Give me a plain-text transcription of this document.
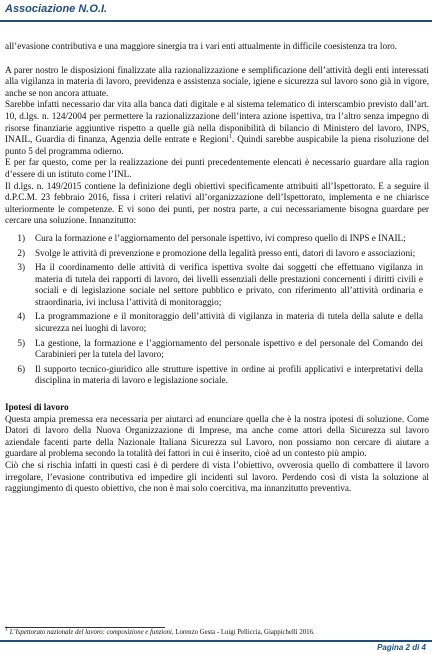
Associazione N.O.I.

all’evasione contributiva e una maggiore sinergia tra i vari enti attualmente in difficile coesistenza tra loro.

A parer nostro le disposizioni finalizzate alla razionalizzazione e semplificazione dell’attività degli enti interessati alla vigilanza in materia di lavoro, previdenza e assistenza sociale, igiene e sicurezza sul lavoro sono già in vigore, anche se non ancora attuate.

Sarebbe infatti necessario dar vita alla banca dati digitale e al sistema telematico di interscambio previsto dall’art. 10, d.lgs. n. 124/2004 per permettere la razionalizzazione dell’intera azione ispettiva, tra l’altro senza impegno di risorse finanziarie aggiuntive rispetto a quelle già nella disponibilità di bilancio di Ministero del lavoro, INPS, INAIL, Guardia di finanza, Agenzia delle entrate e Regioni$^1$. Quindi sarebbe auspicabile la piena risoluzione del punto 5 del programma odierno.

E per far questo, come per la realizzazione dei punti precedentemente elencati è necessario guardare alla ragion d’essere di un istituto come l’INL.

Il d.lgs. n. 149/2015 contiene la definizione degli obiettivi specificamente attribuiti all’Ispettorato. E a seguire il d.P.C.M. 23 febbraio 2016, fissa i criteri relativi all’organizzazione dell’Ispettorato, implementa e ne chiarisce ulteriormente le competenze. E vi sono dei punti, per nostra parte, a cui necessariamente bisogna guardare per cercare una soluzione. Innanzitutto:

1)	Cura la formazione e l’aggiornamento del personale ispettivo, ivi compreso quello di INPS e INAIL;
2)	Svolge le attività di prevenzione e promozione della legalità presso enti, datori di lavoro e associazioni;
3)	Ha il coordinamento delle attività di verifica ispettiva svolte dai soggetti che effettuano vigilanza in materia di tutela dei rapporti di lavoro, dei livelli essenziali delle prestazioni concernenti i diritti civili e sociali e di legislazione sociale nel settore pubblico e privato, con riferimento all’attività ordinaria e straordinaria, ivi inclusa l’attività di monitoraggio;
4)	La programmazione e il monitoraggio dell’attività di vigilanza in materia di tutela della salute e della sicurezza nei luoghi di lavoro;
5)	La gestione, la formazione e l’aggiornamento del personale ispettivo e del personale del Comando dei Carabinieri per la tutela del lavoro;
6)	Il supporto tecnico-giuridico alle strutture ispettive in ordine ai profili applicativi e interpretativi della disciplina in materia di lavoro e legislazione sociale.

Ipotesi di lavoro

Questa ampia premessa era necessaria per aiutarci ad enunciare quella che è la nostra ipotesi di soluzione. Come Datori di lavoro della Nuova Organizzazione di Imprese, ma anche come attori della Sicurezza sul lavoro aziendale facenti parte della Nazionale Italiana Sicurezza sul Lavoro, non possiamo non cercare di aiutare a guardare al problema secondo la totalità dei fattori in cui è inserito, cioè ad un contesto più ampio.

Ciò che si rischia infatti in questi casi è di perdere di vista l’obiettivo, ovverosia quello di combattere il lavoro irregolare, l’evasione contributiva ed impedire gli incidenti sul lavoro. Perdendo così di vista la soluzione al raggiungimento di questo obiettivo, che non è mai solo coercitiva, ma innanzitutto preventiva.

$^1$ L’Ispettorato nazionale del lavoro: composizione e funzioni, Lorenzo Gesta - Luigi Pelliccia, Giappichelli 2016.
Pagina 2 di 4
